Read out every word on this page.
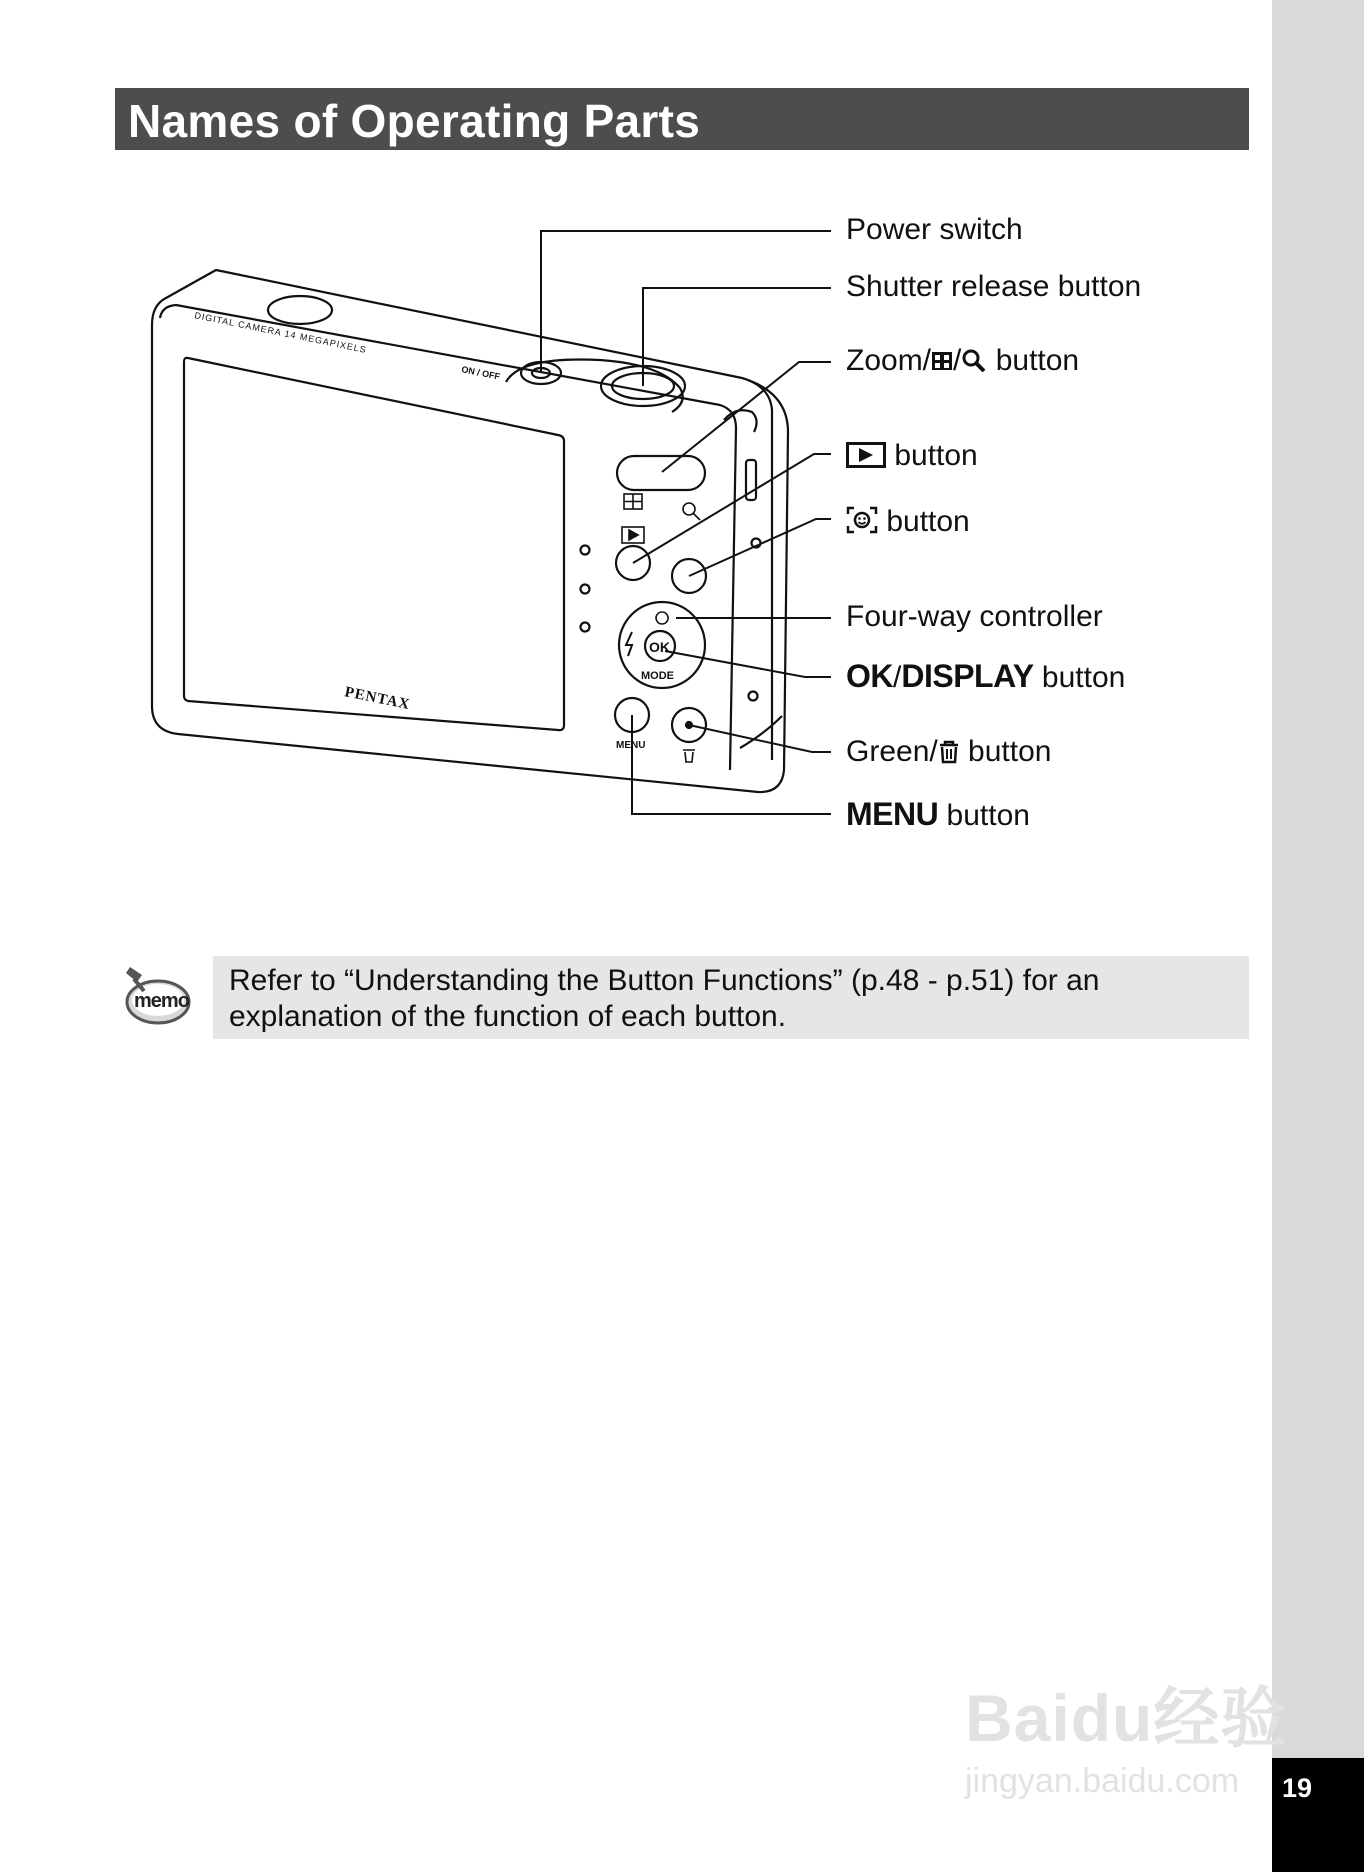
Names of Operating Parts
DIGITAL CAMERA 14 MEGAPIXELS
ON / OFF
PENTAX
OK
MODE
MENU
Power switch
Shutter release button
Zoom/ / button
button
button
Four-way controller
OK/DISPLAY button
Green/ button
MENU button
memo
Refer to “Understanding the Button Functions” (p.48 - p.51) for an explanation of the function of each button.
Baidu经验
jingyan.baidu.com	19
